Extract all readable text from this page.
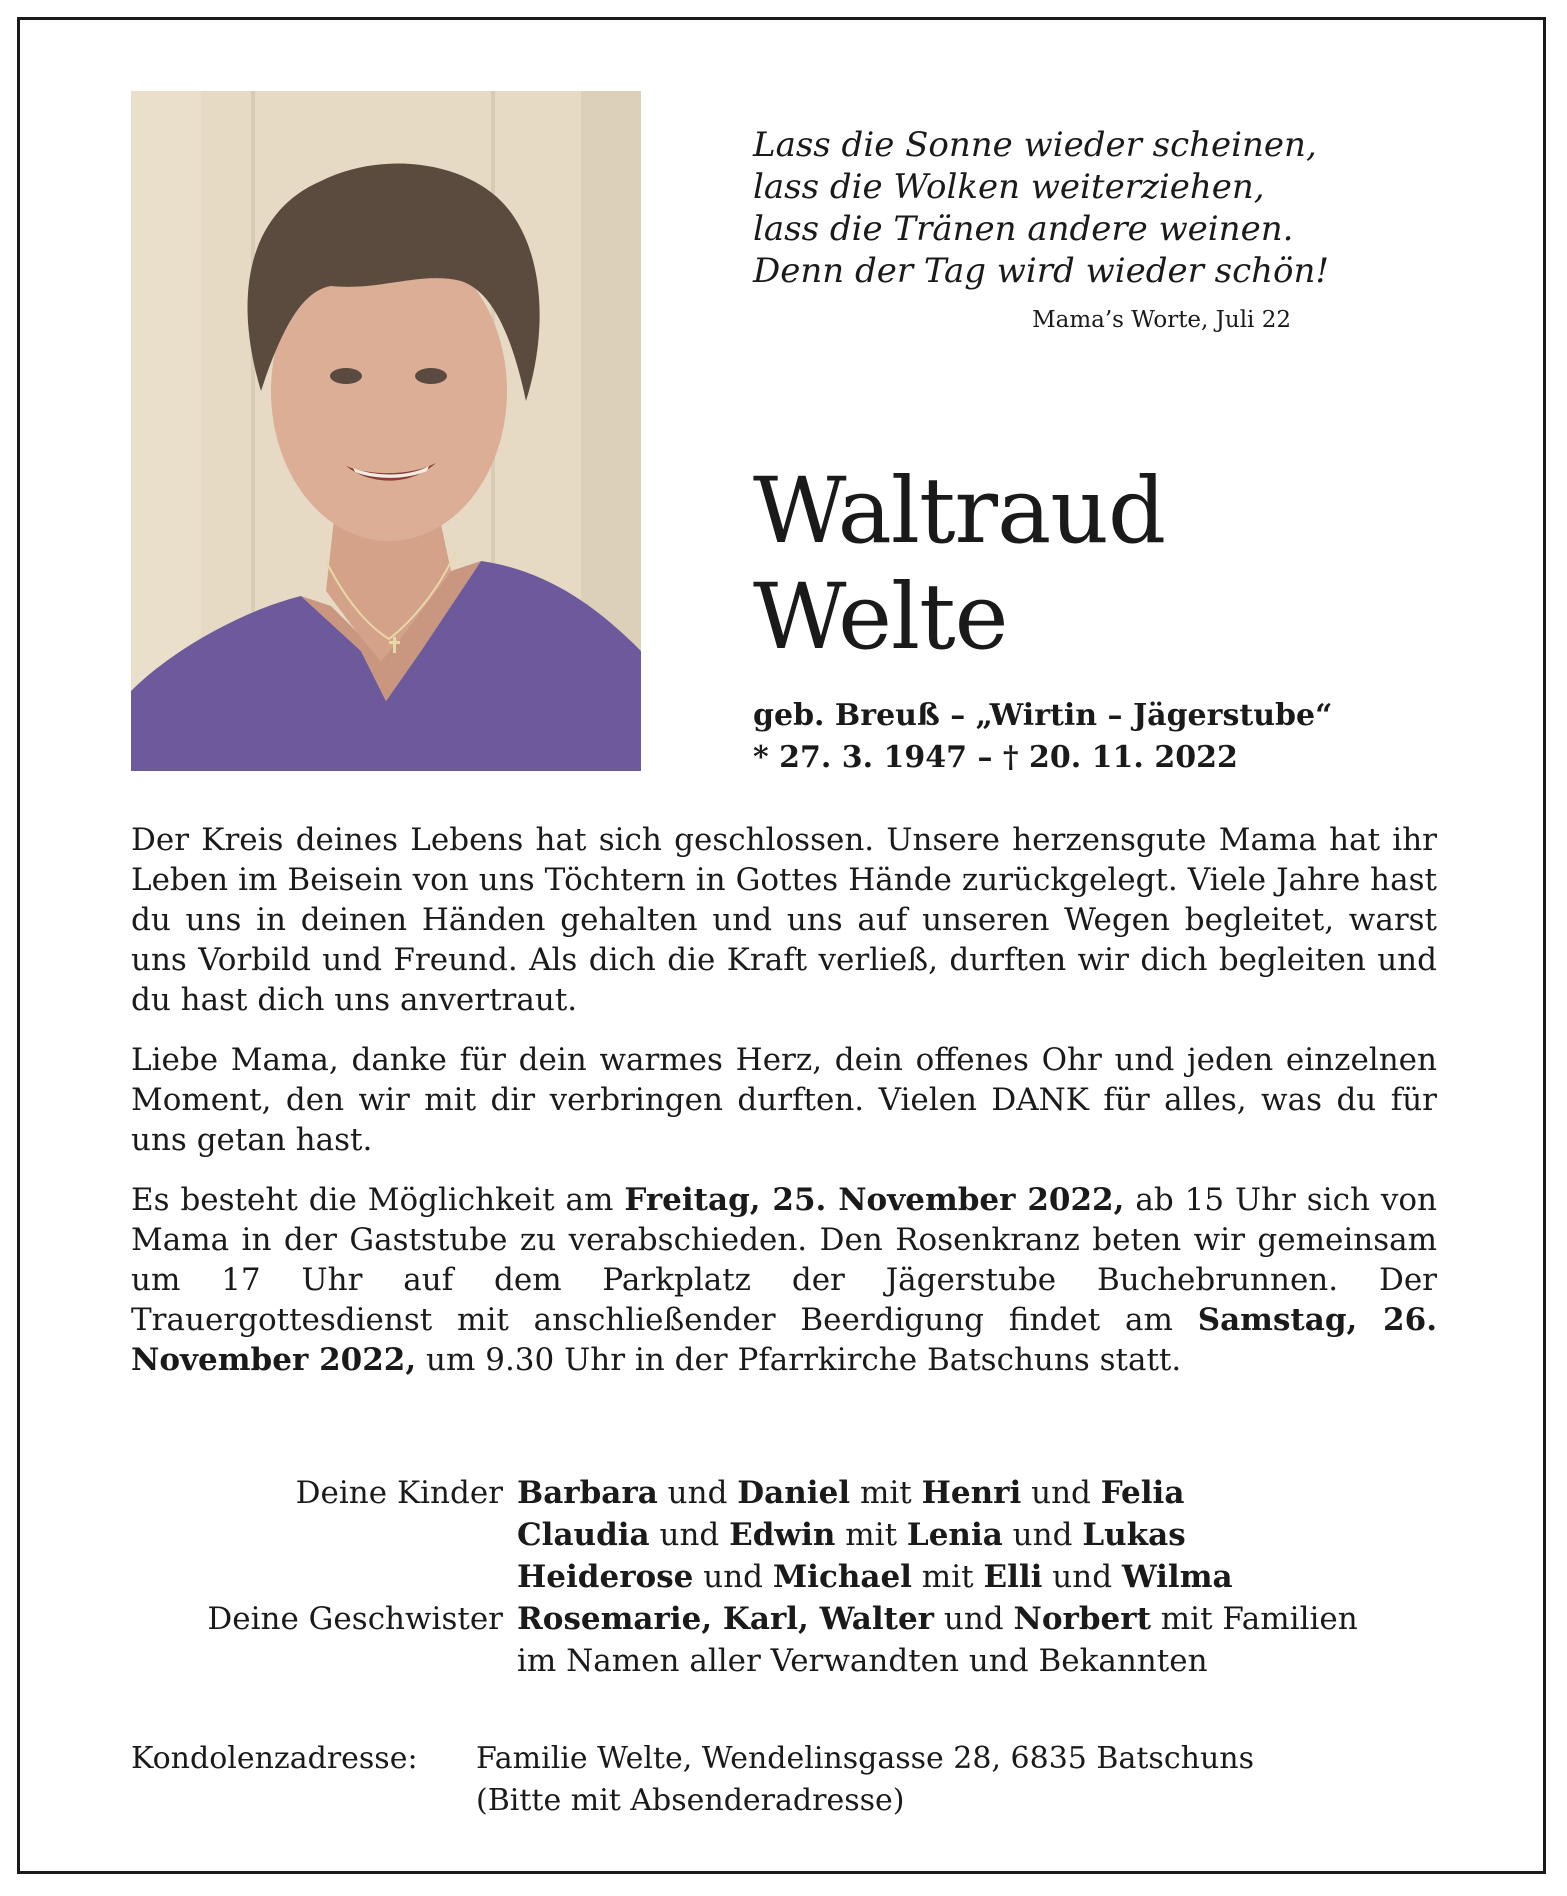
Lass die Sonne wieder scheinen,
lass die Wolken weiterziehen,
lass die Tränen andere weinen.
Denn der Tag wird wieder schön!
Mama’s Worte, Juli 22
Waltraud
Welte
geb. Breuß – „Wirtin – Jägerstube“
* 27. 3. 1947 – † 20. 11. 2022

Der Kreis deines Lebens hat sich geschlossen. Unsere herzensgute Mama hat ihr Leben im Beisein von uns Töchtern in Gottes Hände zurückgelegt. Viele Jahre hast du uns in deinen Händen gehalten und uns auf unseren Wegen begleitet, warst uns Vorbild und Freund. Als dich die Kraft verließ, durften wir dich begleiten und du hast dich uns anvertraut.

Liebe Mama, danke für dein warmes Herz, dein offenes Ohr und jeden einzelnen Moment, den wir mit dir verbringen durften. Vielen DANK für alles, was du für uns getan hast.

Es besteht die Möglichkeit am Freitag, 25. November 2022, ab 15 Uhr sich von Mama in der Gaststube zu verabschieden. Den Rosenkranz beten wir gemeinsam um 17 Uhr auf dem Parkplatz der Jägerstube Buchebrunnen. Der Trauergottesdienst mit anschließender Beerdigung findet am Samstag, 26. November 2022, um 9.30 Uhr in der Pfarrkirche Batschuns statt.

Deine Kinder Barbara und Daniel mit Henri und Felia
Claudia und Edwin mit Lenia und Lukas
Heiderose und Michael mit Elli und Wilma
Deine Geschwister Rosemarie, Karl, Walter und Norbert mit Familien
im Namen aller Verwandten und Bekannten
Kondolenzadresse:	Familie Welte, Wendelinsgasse 28, 6835 Batschuns
(Bitte mit Absenderadresse)
